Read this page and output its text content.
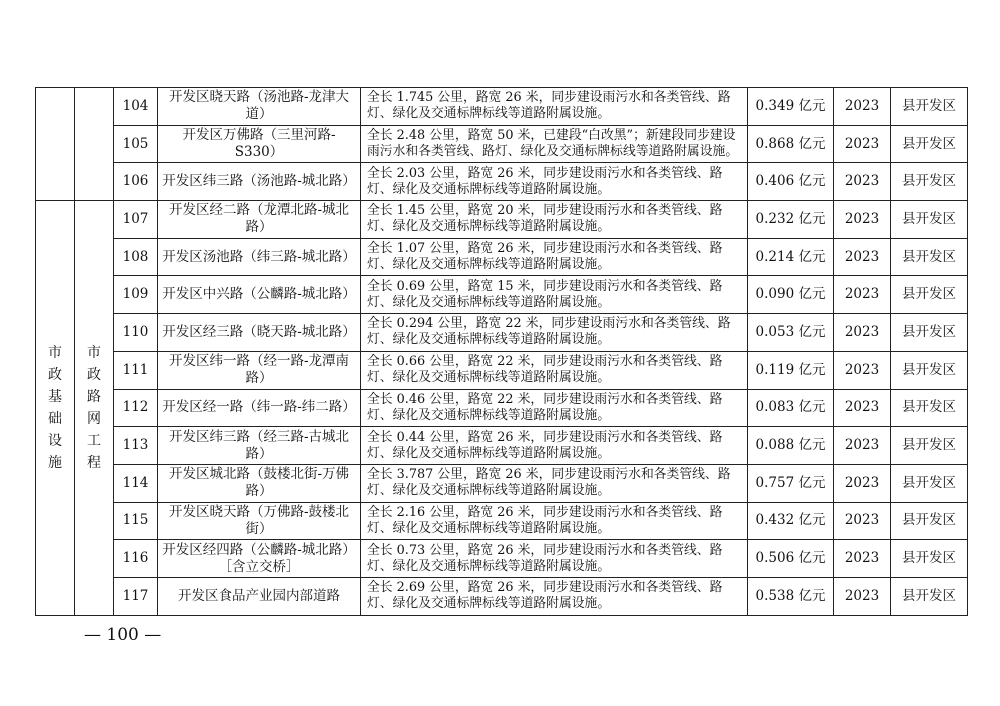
		104	开发区晓天路（汤池路-龙津大道）	全长 1.745 公里，路宽 26 米，同步建设雨污水和各类管线、路灯、绿化及交通标牌标线等道路附属设施。	0.349 亿元	2023	县开发区
		105	开发区万佛路（三里河路-S330）	全长 2.48 公里，路宽 50 米，已建段“白改黑”；新建段同步建设雨污水和各类管线、路灯、绿化及交通标牌标线等道路附属设施。	0.868 亿元	2023	县开发区
		106	开发区纬三路（汤池路-城北路）	全长 2.03 公里，路宽 26 米，同步建设雨污水和各类管线、路灯、绿化及交通标牌标线等道路附属设施。	0.406 亿元	2023	县开发区
市政基础设施	市政路网工程	107	开发区经二路（龙潭北路-城北路）	全长 1.45 公里，路宽 20 米，同步建设雨污水和各类管线、路灯、绿化及交通标牌标线等道路附属设施。	0.232 亿元	2023	县开发区
		108	开发区汤池路（纬三路-城北路）	全长 1.07 公里，路宽 26 米，同步建设雨污水和各类管线、路灯、绿化及交通标牌标线等道路附属设施。	0.214 亿元	2023	县开发区
		109	开发区中兴路（公麟路-城北路）	全长 0.69 公里，路宽 15 米，同步建设雨污水和各类管线、路灯、绿化及交通标牌标线等道路附属设施。	0.090 亿元	2023	县开发区
		110	开发区经三路（晓天路-城北路）	全长 0.294 公里，路宽 22 米，同步建设雨污水和各类管线、路灯、绿化及交通标牌标线等道路附属设施。	0.053 亿元	2023	县开发区
		111	开发区纬一路（经一路-龙潭南路）	全长 0.66 公里，路宽 22 米，同步建设雨污水和各类管线、路灯、绿化及交通标牌标线等道路附属设施。	0.119 亿元	2023	县开发区
		112	开发区经一路（纬一路-纬二路）	全长 0.46 公里，路宽 22 米，同步建设雨污水和各类管线、路灯、绿化及交通标牌标线等道路附属设施。	0.083 亿元	2023	县开发区
		113	开发区纬三路（经三路-古城北路）	全长 0.44 公里，路宽 26 米，同步建设雨污水和各类管线、路灯、绿化及交通标牌标线等道路附属设施。	0.088 亿元	2023	县开发区
		114	开发区城北路（鼓楼北街-万佛路）	全长 3.787 公里，路宽 26 米，同步建设雨污水和各类管线、路灯、绿化及交通标牌标线等道路附属设施。	0.757 亿元	2023	县开发区
		115	开发区晓天路（万佛路-鼓楼北街）	全长 2.16 公里，路宽 26 米，同步建设雨污水和各类管线、路灯、绿化及交通标牌标线等道路附属设施。	0.432 亿元	2023	县开发区
		116	开发区经四路（公麟路-城北路）［含立交桥］	全长 0.73 公里，路宽 26 米，同步建设雨污水和各类管线、路灯、绿化及交通标牌标线等道路附属设施。	0.506 亿元	2023	县开发区
		117	开发区食品产业园内部道路	全长 2.69 公里，路宽 26 米，同步建设雨污水和各类管线、路灯、绿化及交通标牌标线等道路附属设施。	0.538 亿元	2023	县开发区
— 100 —
